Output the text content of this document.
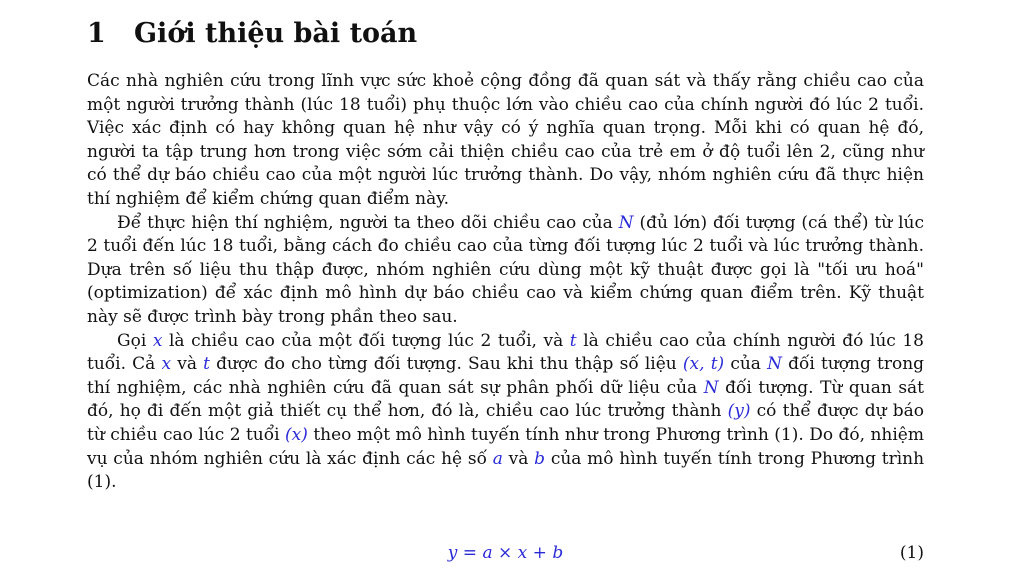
1 Giới thiệu bài toán

Các nhà nghiên cứu trong lĩnh vực sức khoẻ cộng đồng đã quan sát và thấy rằng chiều cao của một người trưởng thành (lúc 18 tuổi) phụ thuộc lớn vào chiều cao của chính người đó lúc 2 tuổi. Việc xác định có hay không quan hệ như vậy có ý nghĩa quan trọng. Mỗi khi có quan hệ đó, người ta tập trung hơn trong việc sớm cải thiện chiều cao của trẻ em ở độ tuổi lên 2, cũng như có thể dự báo chiều cao của một người lúc trưởng thành. Do vậy, nhóm nghiên cứu đã thực hiện thí nghiệm để kiểm chứng quan điểm này.

Để thực hiện thí nghiệm, người ta theo dõi chiều cao của N (đủ lớn) đối tượng (cá thể) từ lúc 2 tuổi đến lúc 18 tuổi, bằng cách đo chiều cao của từng đối tượng lúc 2 tuổi và lúc trưởng thành. Dựa trên số liệu thu thập được, nhóm nghiên cứu dùng một kỹ thuật được gọi là "tối ưu hoá" (optimization) để xác định mô hình dự báo chiều cao và kiểm chứng quan điểm trên. Kỹ thuật này sẽ được trình bày trong phần theo sau.

Gọi x là chiều cao của một đối tượng lúc 2 tuổi, và t là chiều cao của chính người đó lúc 18 tuổi. Cả x và t được đo cho từng đối tượng. Sau khi thu thập số liệu (x, t) của N đối tượng trong thí nghiệm, các nhà nghiên cứu đã quan sát sự phân phối dữ liệu của N đối tượng. Từ quan sát đó, họ đi đến một giả thiết cụ thể hơn, đó là, chiều cao lúc trưởng thành (y) có thể được dự báo từ chiều cao lúc 2 tuổi (x) theo một mô hình tuyến tính như trong Phương trình (1). Do đó, nhiệm vụ của nhóm nghiên cứu là xác định các hệ số a và b của mô hình tuyến tính trong Phương trình (1).

y = a × x + b	(1)
